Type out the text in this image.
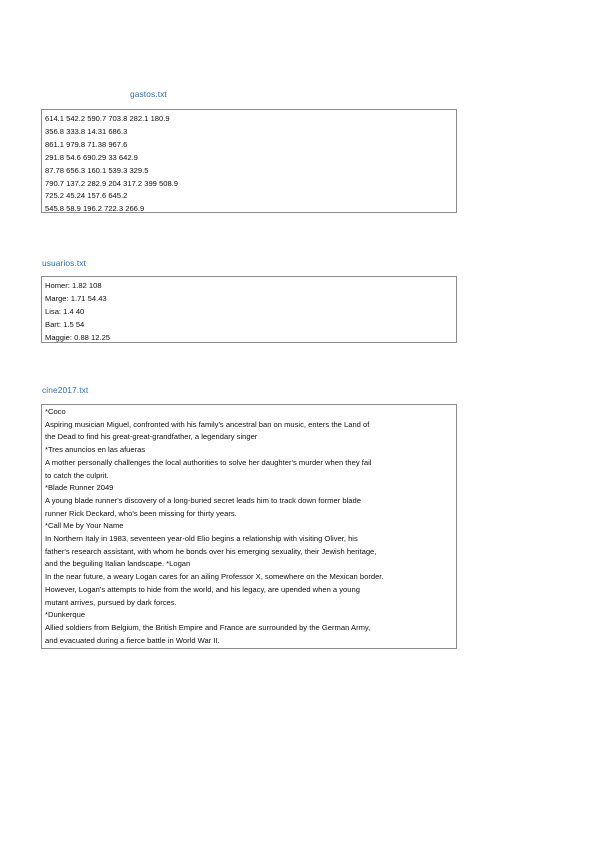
gastos.txt
614.1 542.2 590.7 703.8 282.1 180.9
356.8 333.8 14.31 686.3
861.1 979.8 71.38 967.6
291.8 54.6 690.29 33 642.9
87.78 656.3 160.1 539.3 329.5
790.7 137.2 282.9 204 317.2 399 508.9
725.2 45.24 157.6 645.2
545.8 58.9 196.2 722.3 266.9
usuarios.txt
Homer: 1.82 108
Marge: 1.71 54.43
Lisa: 1.4 40
Bart: 1.5 54
Maggie: 0.88 12.25
cine2017.txt
*Coco
Aspiring musician Miguel, confronted with his family's ancestral ban on music, enters the Land of
the Dead to find his great-great-grandfather, a legendary singer
*Tres anuncios en las afueras
A mother personally challenges the local authorities to solve her daughter's murder when they fail
to catch the culprit.
*Blade Runner 2049
A young blade runner's discovery of a long-buried secret leads him to track down former blade
runner Rick Deckard, who's been missing for thirty years.
*Call Me by Your Name
In Northern Italy in 1983, seventeen year-old Elio begins a relationship with visiting Oliver, his
father's research assistant, with whom he bonds over his emerging sexuality, their Jewish heritage,
and the beguiling Italian landscape. *Logan
In the near future, a weary Logan cares for an ailing Professor X, somewhere on the Mexican border.
However, Logan's attempts to hide from the world, and his legacy, are upended when a young
mutant arrives, pursued by dark forces.
*Dunkerque
Allied soldiers from Belgium, the British Empire and France are surrounded by the German Army,
and evacuated during a fierce battle in World War II.
